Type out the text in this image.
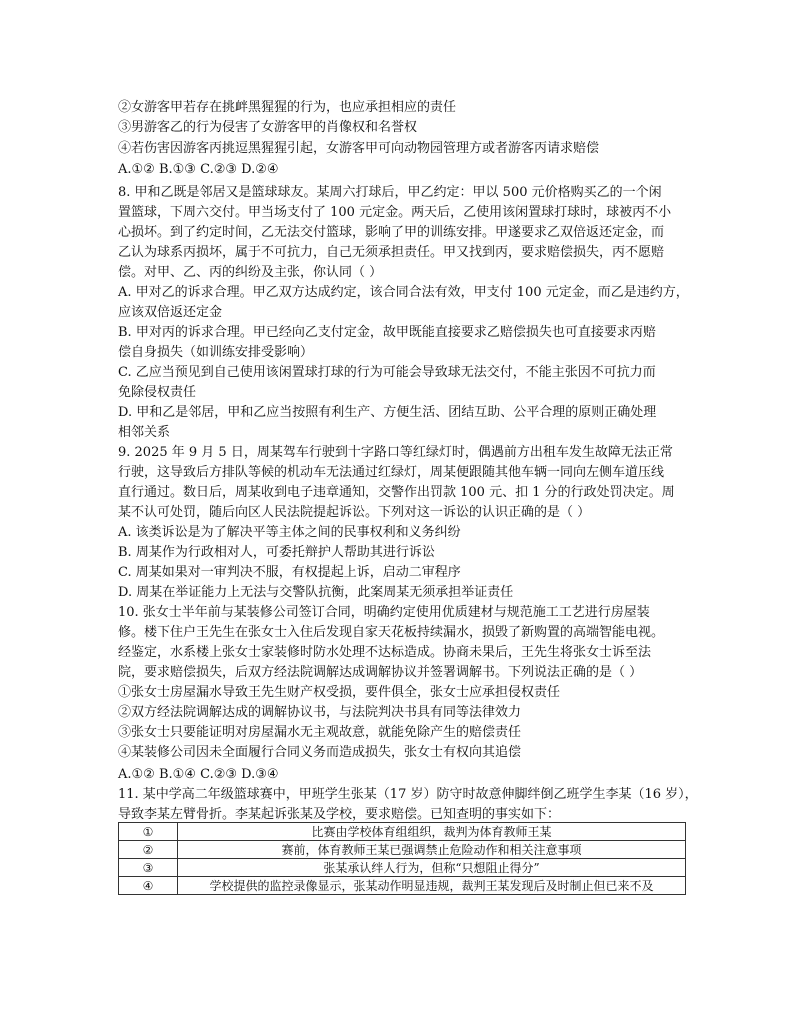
②女游客甲若存在挑衅黑猩猩的行为，也应承担相应的责任
③男游客乙的行为侵害了女游客甲的肖像权和名誉权
④若伤害因游客丙挑逗黑猩猩引起，女游客甲可向动物园管理方或者游客丙请求赔偿
A.①② B.①③ C.②③ D.②④
8. 甲和乙既是邻居又是篮球球友。某周六打球后，甲乙约定：甲以 500 元价格购买乙的一个闲
置篮球，下周六交付。甲当场支付了 100 元定金。两天后，乙使用该闲置球打球时，球被丙不小
心损坏。到了约定时间，乙无法交付篮球，影响了甲的训练安排。甲遂要求乙双倍返还定金，而
乙认为球系丙损坏，属于不可抗力，自己无须承担责任。甲又找到丙，要求赔偿损失，丙不愿赔
偿。对甲、乙、丙的纠纷及主张，你认同（ ）
A. 甲对乙的诉求合理。甲乙双方达成约定，该合同合法有效，甲支付 100 元定金，而乙是违约方，
应该双倍返还定金
B. 甲对丙的诉求合理。甲已经向乙支付定金，故甲既能直接要求乙赔偿损失也可直接要求丙赔
偿自身损失（如训练安排受影响）
C. 乙应当预见到自己使用该闲置球打球的行为可能会导致球无法交付，不能主张因不可抗力而
免除侵权责任
D. 甲和乙是邻居，甲和乙应当按照有利生产、方便生活、团结互助、公平合理的原则正确处理
相邻关系
9. 2025 年 9 月 5 日，周某驾车行驶到十字路口等红绿灯时，偶遇前方出租车发生故障无法正常
行驶，这导致后方排队等候的机动车无法通过红绿灯，周某便跟随其他车辆一同向左侧车道压线
直行通过。数日后，周某收到电子违章通知，交警作出罚款 100 元、扣 1 分的行政处罚决定。周
某不认可处罚，随后向区人民法院提起诉讼。下列对这一诉讼的认识正确的是（ ）
A. 该类诉讼是为了解决平等主体之间的民事权利和义务纠纷
B. 周某作为行政相对人，可委托辩护人帮助其进行诉讼
C. 周某如果对一审判决不服，有权提起上诉，启动二审程序
D. 周某在举证能力上无法与交警队抗衡，此案周某无须承担举证责任
10. 张女士半年前与某装修公司签订合同，明确约定使用优质建材与规范施工工艺进行房屋装
修。楼下住户王先生在张女士入住后发现自家天花板持续漏水，损毁了新购置的高端智能电视。
经鉴定，水系楼上张女士家装修时防水处理不达标造成。协商未果后，王先生将张女士诉至法
院，要求赔偿损失，后双方经法院调解达成调解协议并签署调解书。下列说法正确的是（ ）
①张女士房屋漏水导致王先生财产权受损，要件俱全，张女士应承担侵权责任
②双方经法院调解达成的调解协议书，与法院判决书具有同等法律效力
③张女士只要能证明对房屋漏水无主观故意，就能免除产生的赔偿责任
④某装修公司因未全面履行合同义务而造成损失，张女士有权向其追偿
A.①② B.①④ C.②③ D.③④
11. 某中学高二年级篮球赛中，甲班学生张某（17 岁）防守时故意伸脚绊倒乙班学生李某（16 岁），
导致李某左臂骨折。李某起诉张某及学校，要求赔偿。已知查明的事实如下：
①	比赛由学校体育组组织，裁判为体育教师王某
②	赛前，体育教师王某已强调禁止危险动作和相关注意事项
③	张某承认绊人行为，但称“只想阻止得分”
④	学校提供的监控录像显示，张某动作明显违规，裁判王某发现后及时制止但已来不及
